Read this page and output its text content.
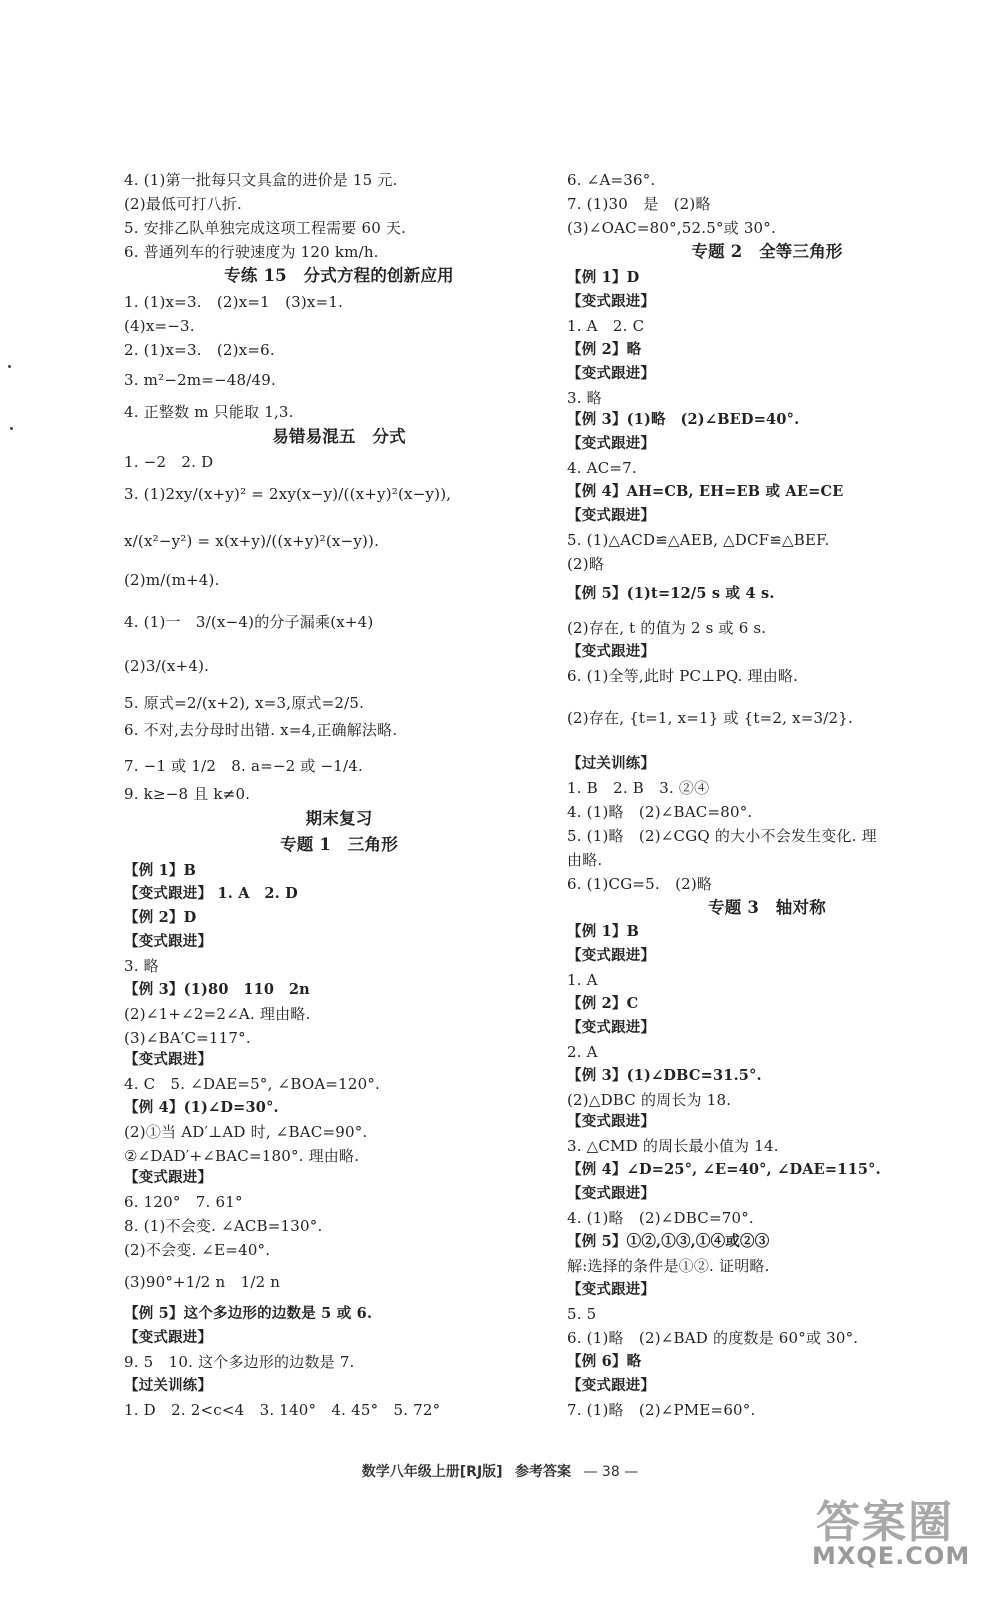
4. (1)第一批每只文具盒的进价是 15 元.
(2)最低可打八折.
5. 安排乙队单独完成这项工程需要 60 天.
6. 普通列车的行驶速度为 120 km/h.
专练 15　分式方程的创新应用
1. (1)x=3.　(2)x=1　(3)x=1.
(4)x=−3.
2. (1)x=3.　(2)x=6.
3. m²−2m=−48/49.
4. 正整数 m 只能取 1,3.
易错易混五　分式
1. −2　2. D
3. (1)2xy/(x+y)² = 2xy(x−y)/((x+y)²(x−y)),
x/(x²−y²) = x(x+y)/((x+y)²(x−y)).
(2)m/(m+4).
4. (1)一　3/(x−4)的分子漏乘(x+4)
(2)3/(x+4).
5. 原式=2/(x+2), x=3,原式=2/5.
6. 不对,去分母时出错. x=4,正确解法略.
7. −1 或 1/2　8. a=−2 或 −1/4.
9. k≥−8 且 k≠0.
期末复习
专题 1　三角形
【例 1】B
【变式跟进】 1. A　2. D
【例 2】D
【变式跟进】
3. 略
【例 3】(1)80　110　2n
(2)∠1+∠2=2∠A. 理由略.
(3)∠BA′C=117°.
【变式跟进】
4. C　5. ∠DAE=5°, ∠BOA=120°.
【例 4】(1)∠D=30°.
(2)①当 AD′⊥AD 时, ∠BAC=90°.
②∠DAD′+∠BAC=180°. 理由略.
【变式跟进】
6. 120°　7. 61°
8. (1)不会变. ∠ACB=130°.
(2)不会变. ∠E=40°.
(3)90°+1/2 n　1/2 n
【例 5】这个多边形的边数是 5 或 6.
【变式跟进】
9. 5　10. 这个多边形的边数是 7.
【过关训练】
1. D　2. 2<c<4　3. 140°　4. 45°　5. 72°
6. ∠A=36°.
7. (1)30　是　(2)略
(3)∠OAC=80°,52.5°或 30°.
专题 2　全等三角形
【例 1】D
【变式跟进】
1. A　2. C
【例 2】略
【变式跟进】
3. 略
【例 3】(1)略　(2)∠BED=40°.
【变式跟进】
4. AC=7.
【例 4】AH=CB, EH=EB 或 AE=CE
【变式跟进】
5. (1)△ACD≌△AEB, △DCF≌△BEF.
(2)略
【例 5】(1)t=12/5 s 或 4 s.
(2)存在, t 的值为 2 s 或 6 s.
【变式跟进】
6. (1)全等,此时 PC⊥PQ. 理由略.
(2)存在, {t=1, x=1} 或 {t=2, x=3/2}.
【过关训练】
1. B　2. B　3. ②④
4. (1)略　(2)∠BAC=80°.
5. (1)略　(2)∠CGQ 的大小不会发生变化. 理
由略.
6. (1)CG=5.　(2)略
专题 3　轴对称
【例 1】B
【变式跟进】
1. A
【例 2】C
【变式跟进】
2. A
【例 3】(1)∠DBC=31.5°.
(2)△DBC 的周长为 18.
【变式跟进】
3. △CMD 的周长最小值为 14.
【例 4】∠D=25°, ∠E=40°, ∠DAE=115°.
【变式跟进】
4. (1)略　(2)∠DBC=70°.
【例 5】①②,①③,①④或②③
解:选择的条件是①②. 证明略.
【变式跟进】
5. 5
6. (1)略　(2)∠BAD 的度数是 60°或 30°.
【例 6】略
【变式跟进】
7. (1)略　(2)∠PME=60°.
数学八年级上册[RJ版] 参考答案 — 38 —
答案圈
MXQE.COM
